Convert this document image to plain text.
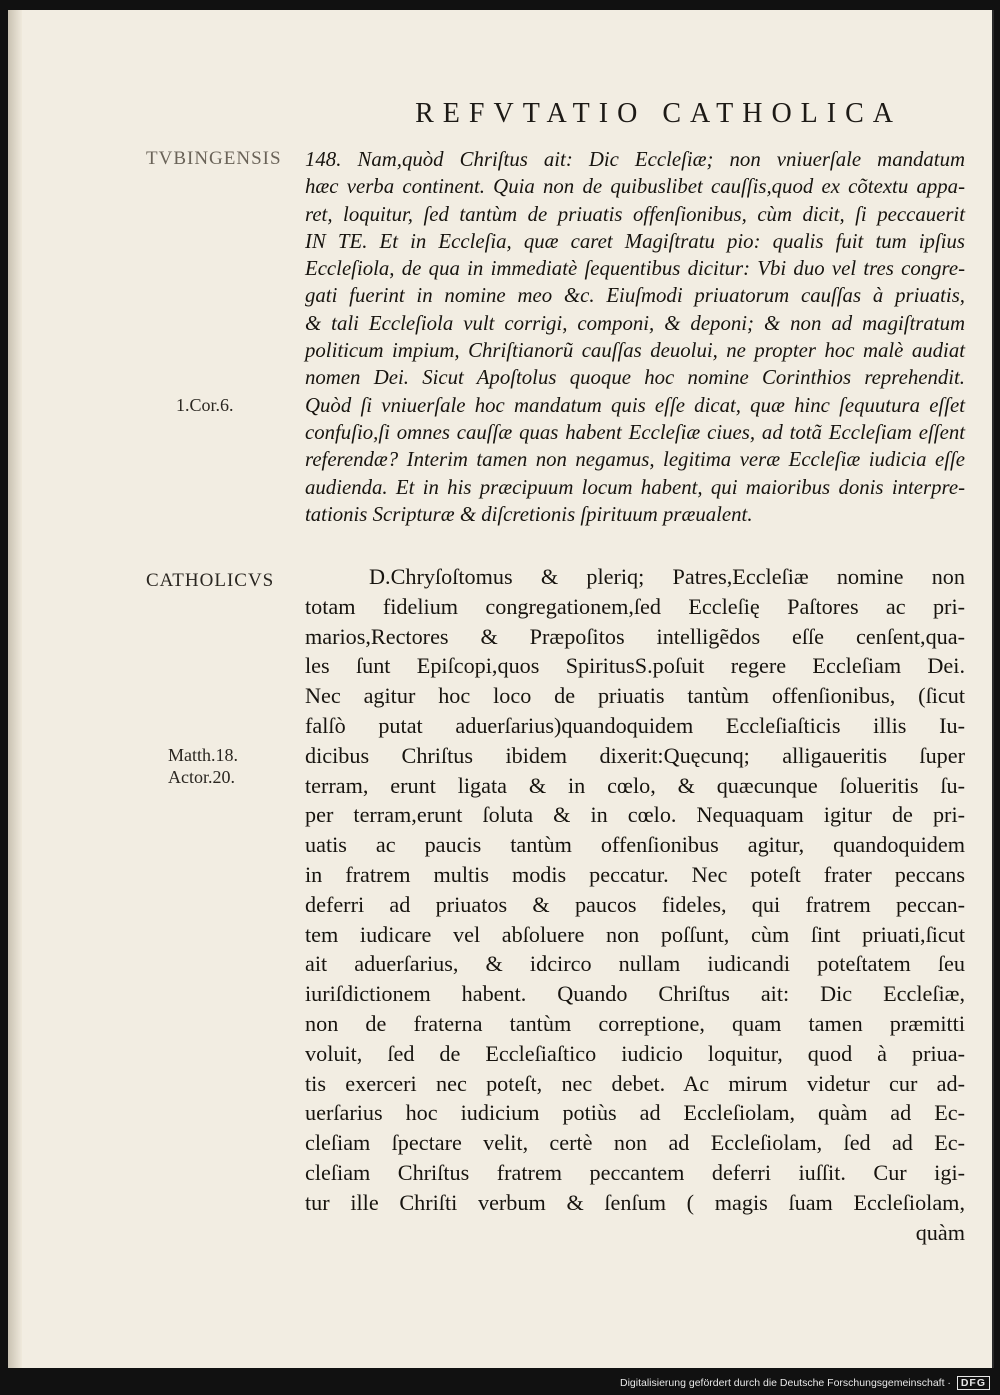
REFVTATIO CATHOLICA
TVBINGENSIS
1.Cor.6.
CATHOLICVS
Matth.18.
Actor.20.
148. Nam,quòd Chriſtus ait: Dic Eccleſiæ; non vniuerſale mandatum
hæc verba continent. Quia non de quibuslibet cauſſis,quod ex cõtextu appa-
ret, loquitur, ſed tantùm de priuatis offenſionibus, cùm dicit, ſi peccauerit
IN TE. Et in Eccleſia, quæ caret Magiſtratu pio: qualis fuit tum ipſius
Eccleſiola, de qua in immediatè ſequentibus dicitur: Vbi duo vel tres congre-
gati fuerint in nomine meo &c. Eiuſmodi priuatorum cauſſas à priuatis,
& tali Eccleſiola vult corrigi, componi, & deponi; & non ad magiſtratum
politicum impium, Chriſtianorũ cauſſas deuolui, ne propter hoc malè audiat
nomen Dei. Sicut Apoſtolus quoque hoc nomine Corinthios reprehendit.
Quòd ſi vniuerſale hoc mandatum quis eſſe dicat, quæ hinc ſequutura eſſet
confuſio,ſi omnes cauſſæ quas habent Eccleſiæ ciues, ad totã Eccleſiam eſſent
referendæ? Interim tamen non negamus, legitima veræ Eccleſiæ iudicia eſſe
audienda. Et in his præcipuum locum habent, qui maioribus donis interpre-
tationis Scripturæ & diſcretionis ſpirituum præualent.
D.Chryſoſtomus & pleriq; Patres,Eccleſiæ nomine non
totam fidelium congregationem,ſed Eccleſię Paſtores ac pri-
marios,Rectores & Præpoſitos intelligẽdos eſſe cenſent,qua-
les ſunt Epiſcopi,quos SpiritusS.poſuit regere Eccleſiam Dei.
Nec agitur hoc loco de priuatis tantùm offenſionibus, (ſicut
falſò putat aduerſarius)quandoquidem Eccleſiaſticis illis Iu-
dicibus Chriſtus ibidem dixerit:Quęcunq; alligaueritis ſuper
terram, erunt ligata & in cœlo, & quæcunque ſolueritis ſu-
per terram,erunt ſoluta & in cœlo. Nequaquam igitur de pri-
uatis ac paucis tantùm offenſionibus agitur, quandoquidem
in fratrem multis modis peccatur. Nec poteſt frater peccans
deferri ad priuatos & paucos fideles, qui fratrem peccan-
tem iudicare vel abſoluere non poſſunt, cùm ſint priuati,ſicut
ait aduerſarius, & idcirco nullam iudicandi poteſtatem ſeu
iuriſdictionem habent. Quando Chriſtus ait: Dic Eccleſiæ,
non de fraterna tantùm correptione, quam tamen præmitti
voluit, ſed de Eccleſiaſtico iudicio loquitur, quod à priua-
tis exerceri nec poteſt, nec debet. Ac mirum videtur cur ad-
uerſarius hoc iudicium potiùs ad Eccleſiolam, quàm ad Ec-
cleſiam ſpectare velit, certè non ad Eccleſiolam, ſed ad Ec-
cleſiam Chriſtus fratrem peccantem deferri iuſſit. Cur igi-
tur ille Chriſti verbum & ſenſum ( magis ſuam Eccleſiolam,
quàm
Digitalisierung gefördert durch die Deutsche Forschungsgemeinschaft · DFG
